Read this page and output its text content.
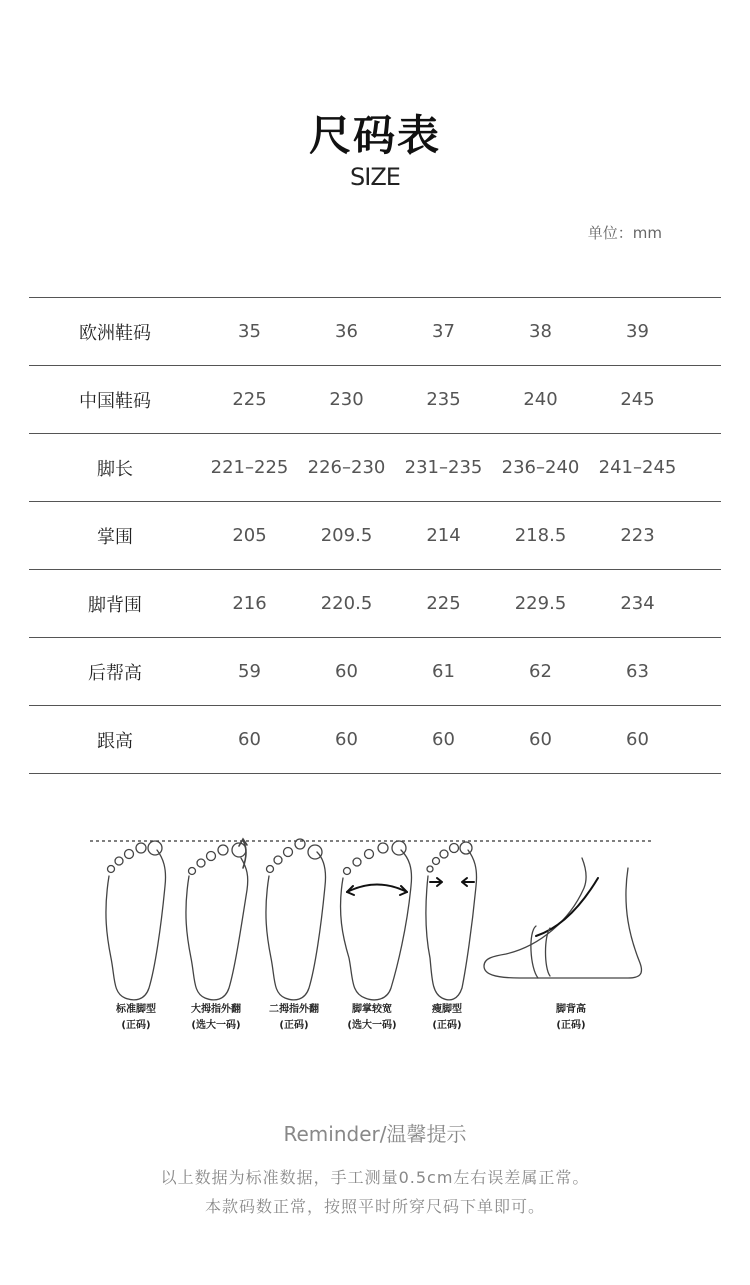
尺码表
SIZE
单位：mm
欧洲鞋码	35	36	37	38	39
中国鞋码	225	230	235	240	245
脚长	221–225	226–230	231–235	236–240	241–245
掌围	205	209.5	214	218.5	223
脚背围	216	220.5	225	229.5	234
后帮高	59	60	61	62	63
跟高	60	60	60	60	60
标准脚型
(正码)
大拇指外翻
(选大一码)
二拇指外翻
(正码)
脚掌较宽
(选大一码)
瘦脚型
(正码)
脚背高
(正码)
Reminder/温馨提示
以上数据为标准数据，手工测量0.5cm左右误差属正常。
本款码数正常，按照平时所穿尺码下单即可。
